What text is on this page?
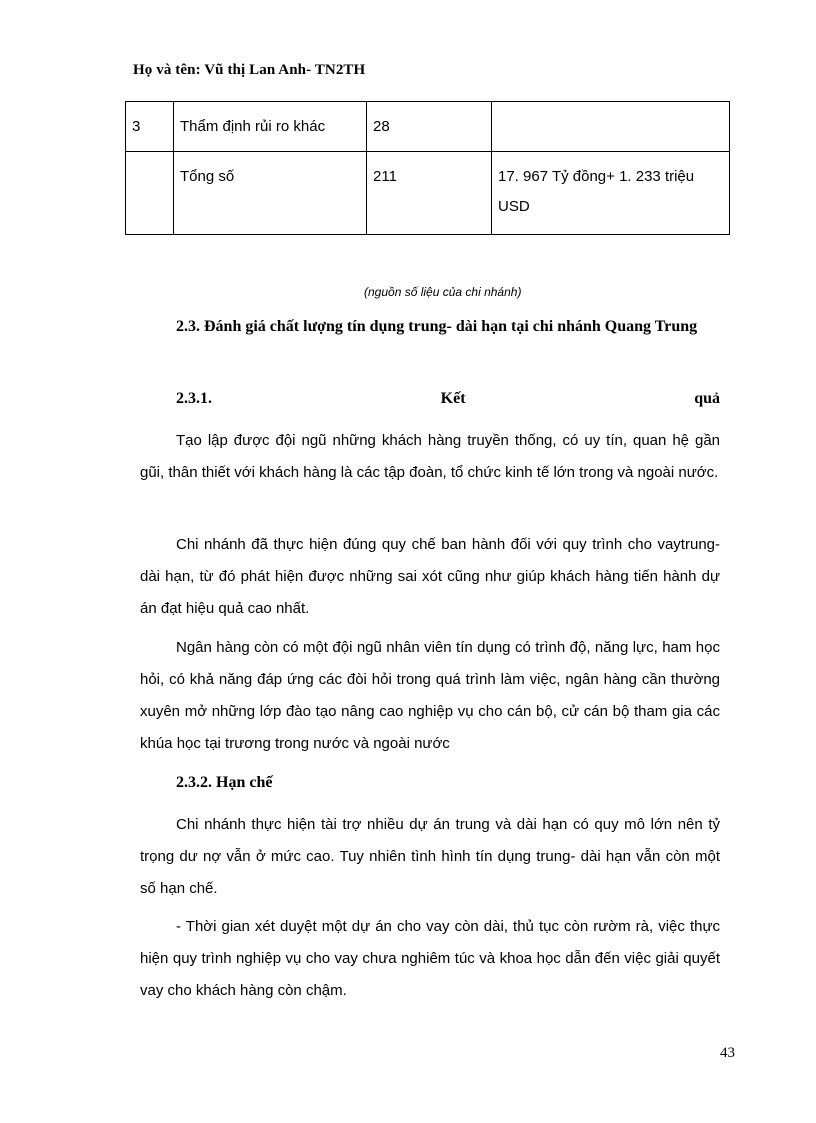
Họ và tên: Vũ thị Lan Anh- TN2TH
3	Thẩm định rủi ro khác	28	
	Tổng số	211	17. 967 Tỷ đồng+ 1. 233 triệu USD
(nguồn số liệu của chi nhánh)
2.3. Đánh giá chất lượng tín dụng trung- dài hạn tại chi nhánh Quang Trung
2.3.1.	Kết	quả

Tạo lập được đội ngũ những khách hàng truyền thống, có uy tín, quan hệ gần gũi, thân thiết với khách hàng là các tập đoàn, tổ chức kinh tế lớn trong và ngoài nước.

Chi nhánh đã thực hiện đúng quy chế ban hành đối với quy trình cho vaytrung- dài hạn, từ đó phát hiện được những sai xót cũng như giúp khách hàng tiến hành dự án đạt hiệu quả cao nhất.

Ngân hàng còn có một đội ngũ nhân viên tín dụng có trình độ, năng lực, ham học hỏi, có khả năng đáp ứng các đòi hỏi trong quá trình làm việc, ngân hàng cần thường xuyên mở những lớp đào tạo nâng cao nghiệp vụ cho cán bộ, cử cán bộ tham gia các khúa học tại trương trong nước và ngoài nước

2.3.2. Hạn chế

Chi nhánh thực hiện tài trợ nhiều dự án trung và dài hạn có quy mô lớn nên tỷ trọng dư nợ vẫn ở mức cao. Tuy nhiên tình hình tín dụng trung- dài hạn vẫn còn một số hạn chế.

- Thời gian xét duyệt một dự án cho vay còn dài, thủ tục còn rườm rà, việc thực hiện quy trình nghiệp vụ cho vay chưa nghiêm túc và khoa học dẫn đến việc giải quyết vay cho khách hàng còn chậm.

43
